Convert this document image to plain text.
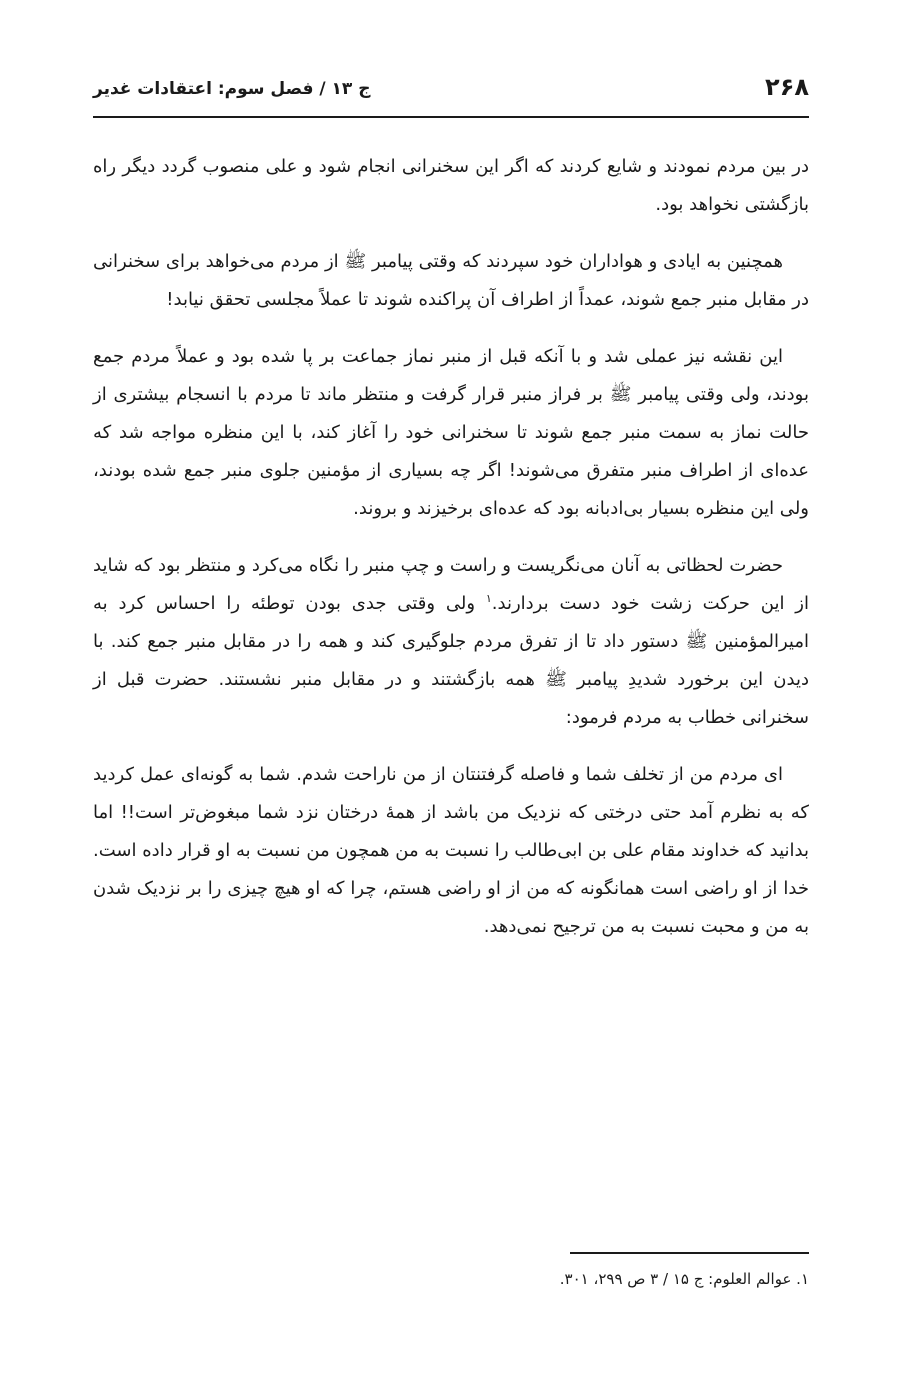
۲۶۸
ج ۱۳ / فصل سوم: اعتقادات غدیر

در بین مردم نمودند و شایع کردند که اگر این سخنرانی انجام شود و علی منصوب گردد دیگر راه بازگشتی نخواهد بود.

همچنین به ایادی و هواداران خود سپردند که وقتی پیامبر ﷺ از مردم می‌خواهد برای سخنرانی در مقابل منبر جمع شوند، عمداً از اطراف آن پراکنده شوند تا عملاً مجلسی تحقق نیابد!

این نقشه نیز عملی شد و با آنکه قبل از منبر نماز جماعت بر پا شده بود و عملاً مردم جمع بودند، ولی وقتی پیامبر ﷺ بر فراز منبر قرار گرفت و منتظر ماند تا مردم با انسجام بیشتری از حالت نماز به سمت منبر جمع شوند تا سخنرانی خود را آغاز کند، با این منظره مواجه شد که عده‌ای از اطراف منبر متفرق می‌شوند! اگر چه بسیاری از مؤمنین جلوی منبر جمع شده بودند، ولی این منظره بسیار بی‌ادبانه بود که عده‌ای برخیزند و بروند.

حضرت لحظاتی به آنان می‌نگریست و راست و چپ منبر را نگاه می‌کرد و منتظر بود که شاید از این حرکت زشت خود دست بردارند.$^۱$ ولی وقتی جدی بودن توطئه را احساس کرد به امیرالمؤمنین ﷺ دستور داد تا از تفرق مردم جلوگیری کند و همه را در مقابل منبر جمع کند. با دیدن این برخورد شدیدِ پیامبر ﷺ همه بازگشتند و در مقابل منبر نشستند. حضرت قبل از سخنرانی خطاب به مردم فرمود:

ای مردم من از تخلف شما و فاصله گرفتنتان از من ناراحت شدم. شما به گونه‌ای عمل کردید که به نظرم آمد حتی درختی که نزدیک من باشد از همهٔ درختان نزد شما مبغوض‌تر است!! اما بدانید که خداوند مقام علی بن ابی‌طالب را نسبت به من همچون من نسبت به او قرار داده است. خدا از او راضی است همانگونه که من از او راضی هستم، چرا که او هیچ چیزی را بر نزدیک شدن به من و محبت نسبت به من ترجیح نمی‌دهد.

۱. عوالم العلوم: ج ۱۵ / ۳ ص ۲۹۹، ۳۰۱.
